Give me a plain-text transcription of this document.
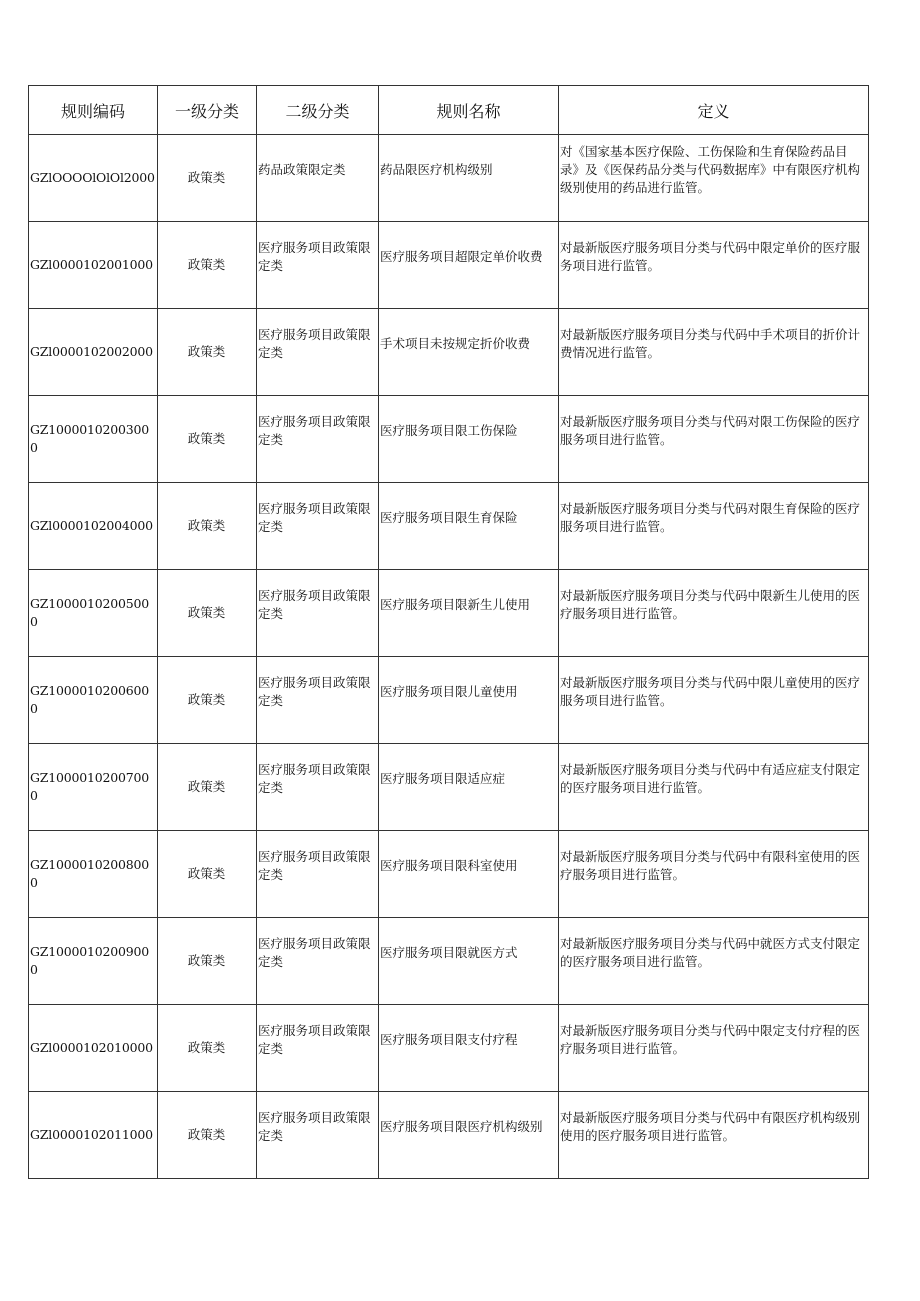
规则编码	一级分类	二级分类	规则名称	定义

GZlOOOOlOlOl2000	政策类	药品政策限定类	药品限医疗机构级别	对《国家基本医疗保险、工伤保险和生育保险药品目录》及《医保药品分类与代码数据库》中有限医疗机构级别使用的药品进行监管。

GZl0000102001000	政策类	医疗服务项目政策限定类	医疗服务项目超限定单价收费	对最新版医疗服务项目分类与代码中限定单价的医疗服务项目进行监管。

GZl0000102002000	政策类	医疗服务项目政策限定类	手术项目未按规定折价收费	对最新版医疗服务项目分类与代码中手术项目的折价计费情况进行监管。

GZ10000102003000	政策类	医疗服务项目政策限定类	医疗服务项目限工伤保险	对最新版医疗服务项目分类与代码对限工伤保险的医疗服务项目进行监管。

GZl0000102004000	政策类	医疗服务项目政策限定类	医疗服务项目限生育保险	对最新版医疗服务项目分类与代码对限生育保险的医疗服务项目进行监管。

GZ10000102005000	政策类	医疗服务项目政策限定类	医疗服务项目限新生儿使用	对最新版医疗服务项目分类与代码中限新生儿使用的医疗服务项目进行监管。

GZ10000102006000	政策类	医疗服务项目政策限定类	医疗服务项目限儿童使用	对最新版医疗服务项目分类与代码中限儿童使用的医疗服务项目进行监管。

GZ10000102007000	政策类	医疗服务项目政策限定类	医疗服务项目限适应症	对最新版医疗服务项目分类与代码中有适应症支付限定的医疗服务项目进行监管。

GZ10000102008000	政策类	医疗服务项目政策限定类	医疗服务项目限科室使用	对最新版医疗服务项目分类与代码中有限科室使用的医疗服务项目进行监管。

GZ10000102009000	政策类	医疗服务项目政策限定类	医疗服务项目限就医方式	对最新版医疗服务项目分类与代码中就医方式支付限定的医疗服务项目进行监管。

GZl0000102010000	政策类	医疗服务项目政策限定类	医疗服务项目限支付疗程	对最新版医疗服务项目分类与代码中限定支付疗程的医疗服务项目进行监管。

GZl0000102011000	政策类	医疗服务项目政策限定类	医疗服务项目限医疗机构级别	对最新版医疗服务项目分类与代码中有限医疗机构级别使用的医疗服务项目进行监管。
